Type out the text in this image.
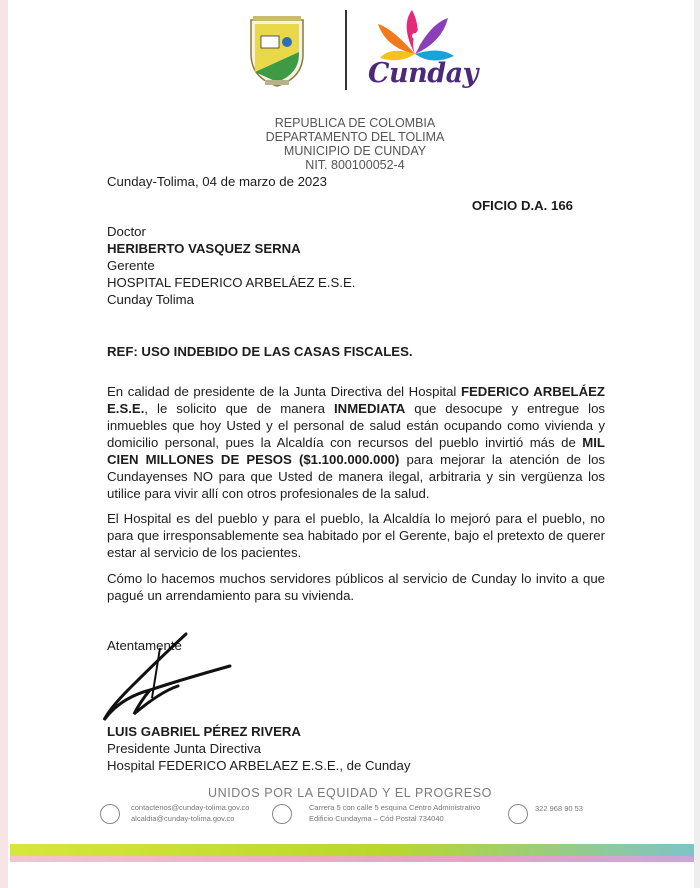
Cunday
REPUBLICA DE COLOMBIA
DEPARTAMENTO DEL TOLIMA
MUNICIPIO DE CUNDAY
NIT. 800100052-4

Cunday-Tolima, 04 de marzo de 2023

OFICIO D.A. 166

Doctor

HERIBERTO VASQUEZ SERNA

Gerente

HOSPITAL FEDERICO ARBELÁEZ E.S.E.

Cunday Tolima

REF: USO INDEBIDO DE LAS CASAS FISCALES.

En calidad de presidente de la Junta Directiva del Hospital FEDERICO ARBELÁEZ E.S.E., le solicito que de manera INMEDIATA que desocupe y entregue los inmuebles que hoy Usted y el personal de salud están ocupando como vivienda y domicilio personal, pues la Alcaldía con recursos del pueblo invirtió más de MIL CIEN MILLONES DE PESOS ($1.100.000.000) para mejorar la atención de los Cundayenses NO para que Usted de manera ilegal, arbitraria y sin vergüenza los utilice para vivir allí con otros profesionales de la salud.

El Hospital es del pueblo y para el pueblo, la Alcaldía lo mejoró para el pueblo, no para que irresponsablemente sea habitado por el Gerente, bajo el pretexto de querer estar al servicio de los pacientes.

Cómo lo hacemos muchos servidores públicos al servicio de Cunday lo invito a que pagué un arrendamiento para su vivienda.

Atentamente

LUIS GABRIEL PÉREZ RIVERA

Presidente Junta Directiva

Hospital FEDERICO ARBELAEZ E.S.E., de Cunday

UNIDOS POR LA EQUIDAD Y EL PROGRESO
contactenos@cunday-tolima.gov.co
alcaldia@cunday-tolima.gov.co
Carrera 5 con calle 5 esquina Centro Administrativo
Edificio Cundayma – Cód Postal 734040
322 968 90 53
